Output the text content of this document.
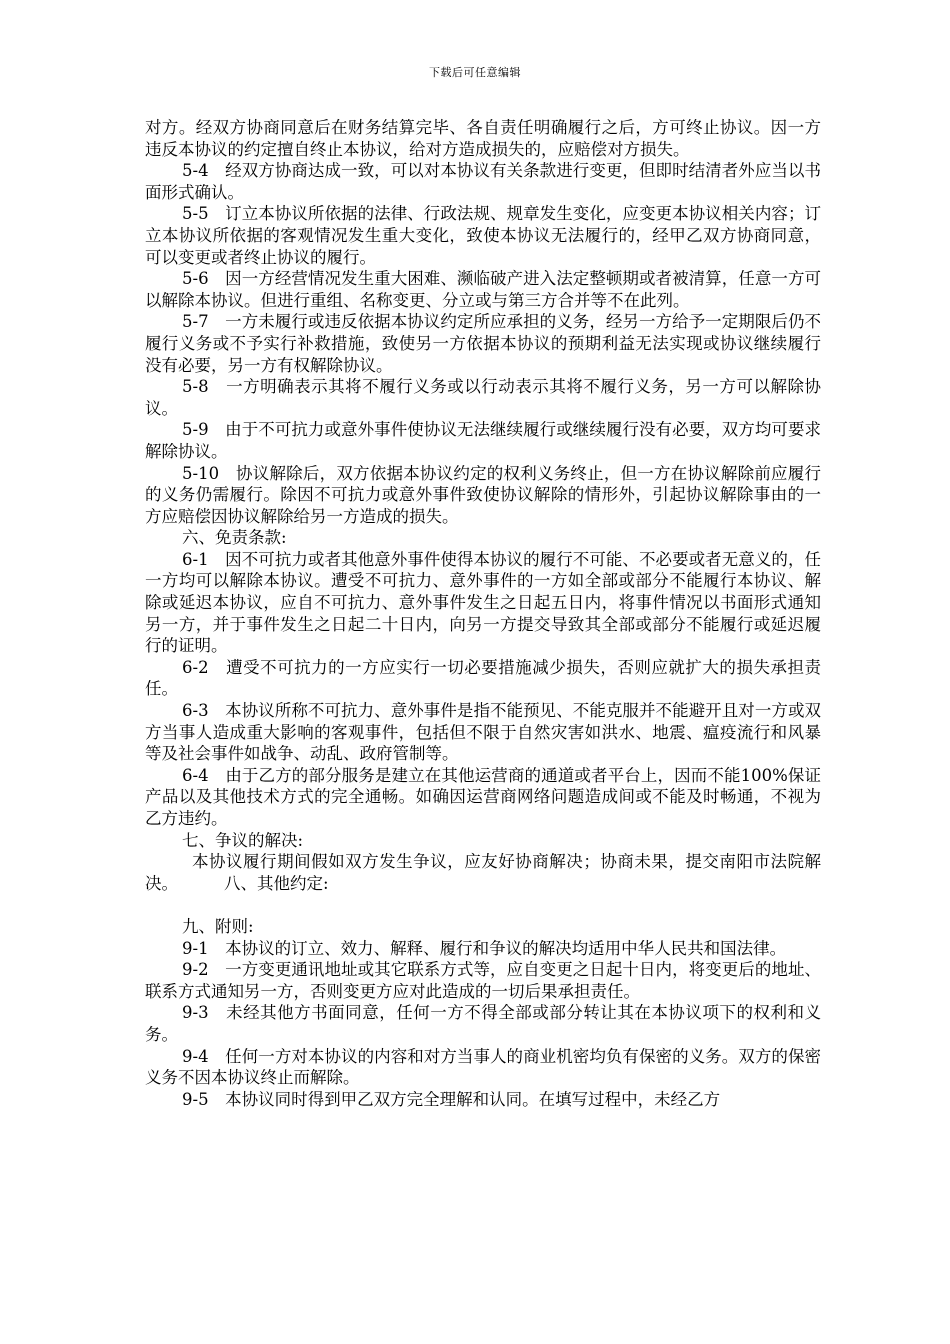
下载后可任意编辑

对方。经双方协商同意后在财务结算完毕、各自责任明确履行之后，方可终止协议。因一方违反本协议的约定擅自终止本协议，给对方造成损失的，应赔偿对方损失。

5-4　经双方协商达成一致，可以对本协议有关条款进行变更，但即时结清者外应当以书面形式确认。

5-5　订立本协议所依据的法律、行政法规、规章发生变化，应变更本协议相关内容；订立本协议所依据的客观情况发生重大变化，致使本协议无法履行的，经甲乙双方协商同意，可以变更或者终止协议的履行。

5-6　因一方经营情况发生重大困难、濒临破产进入法定整顿期或者被清算，任意一方可以解除本协议。但进行重组、名称变更、分立或与第三方合并等不在此列。

5-7　一方未履行或违反依据本协议约定所应承担的义务，经另一方给予一定期限后仍不履行义务或不予实行补救措施，致使另一方依据本协议的预期利益无法实现或协议继续履行没有必要，另一方有权解除协议。

5-8　一方明确表示其将不履行义务或以行动表示其将不履行义务，另一方可以解除协议。

5-9　由于不可抗力或意外事件使协议无法继续履行或继续履行没有必要，双方均可要求解除协议。

5-10　协议解除后，双方依据本协议约定的权利义务终止，但一方在协议解除前应履行的义务仍需履行。除因不可抗力或意外事件致使协议解除的情形外，引起协议解除事由的一方应赔偿因协议解除给另一方造成的损失。

六、免责条款:

6-1　因不可抗力或者其他意外事件使得本协议的履行不可能、不必要或者无意义的，任一方均可以解除本协议。遭受不可抗力、意外事件的一方如全部或部分不能履行本协议、解除或延迟本协议，应自不可抗力、意外事件发生之日起五日内，将事件情况以书面形式通知另一方，并于事件发生之日起二十日内，向另一方提交导致其全部或部分不能履行或延迟履行的证明。

6-2　遭受不可抗力的一方应实行一切必要措施减少损失，否则应就扩大的损失承担责任。

6-3　本协议所称不可抗力、意外事件是指不能预见、不能克服并不能避开且对一方或双方当事人造成重大影响的客观事件，包括但不限于自然灾害如洪水、地震、瘟疫流行和风暴等及社会事件如战争、动乱、政府管制等。

6-4　由于乙方的部分服务是建立在其他运营商的通道或者平台上，因而不能100%保证产品以及其他技术方式的完全通畅。如确因运营商网络问题造成间或不能及时畅通，不视为乙方违约。

七、争议的解决:

本协议履行期间假如双方发生争议，应友好协商解决；协商未果，提交南阳市法院解决。	八、其他约定:

九、附则:

9-1　本协议的订立、效力、解释、履行和争议的解决均适用中华人民共和国法律。

9-2　一方变更通讯地址或其它联系方式等，应自变更之日起十日内，将变更后的地址、联系方式通知另一方，否则变更方应对此造成的一切后果承担责任。

9-3　未经其他方书面同意，任何一方不得全部或部分转让其在本协议项下的权利和义务。

9-4　任何一方对本协议的内容和对方当事人的商业机密均负有保密的义务。双方的保密义务不因本协议终止而解除。

9-5　本协议同时得到甲乙双方完全理解和认同。在填写过程中，未经乙方
